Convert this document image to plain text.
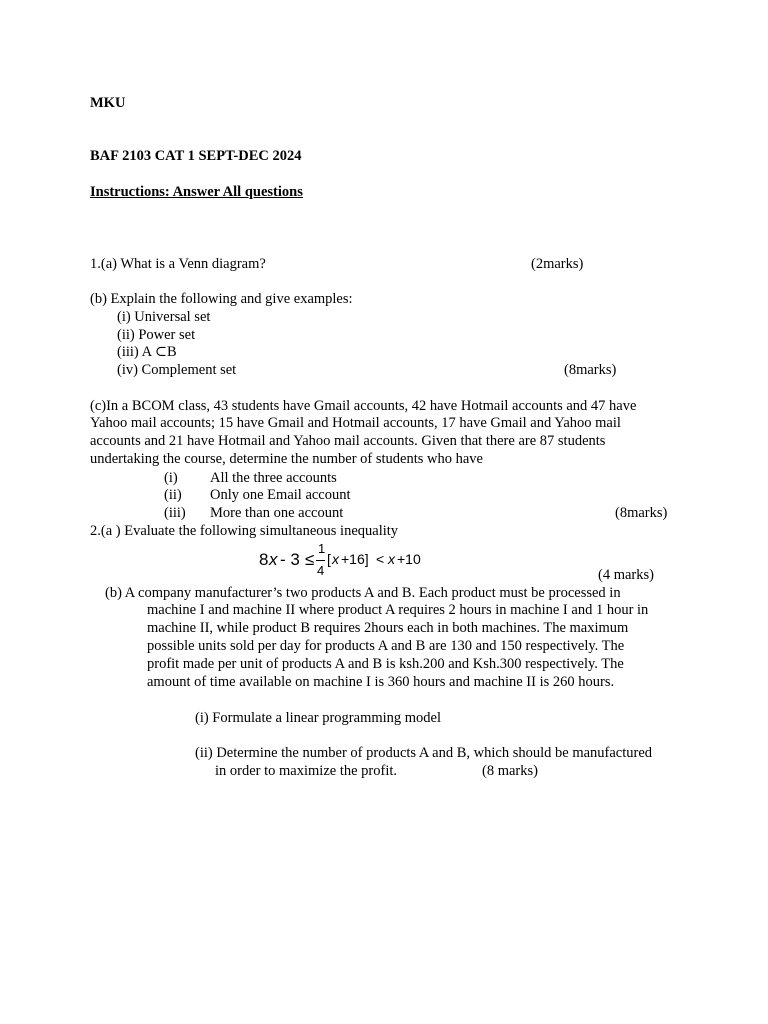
MKU
BAF 2103 CAT 1 SEPT-DEC 2024
Instructions: Answer All questions
1.(a) What is a Venn diagram?	(2marks)
(b) Explain the following and give examples:
(i) Universal set
(ii) Power set
(iii) A ⊂B
(iv) Complement set	(8marks)
(c)In a BCOM class, 43 students have Gmail accounts, 42 have Hotmail accounts and 47 have
Yahoo mail accounts; 15 have Gmail and Hotmail accounts, 17 have Gmail and Yahoo mail
accounts and 21 have Hotmail and Yahoo mail accounts. Given that there are 87 students
undertaking the course, determine the number of students who have
(i) All the three accounts
(ii) Only one Email account
(iii) More than one account	(8marks)
2.(a ) Evaluate the following simultaneous inequality
8 x - 3 ≤
1
4
[ x +16] < x +10
(4 marks)
(b) A company manufacturer’s two products A and B. Each product must be processed in
machine I and machine II where product A requires 2 hours in machine I and 1 hour in
machine II, while product B requires 2hours each in both machines. The maximum
possible units sold per day for products A and B are 130 and 150 respectively. The
profit made per unit of products A and B is ksh.200 and Ksh.300 respectively. The
amount of time available on machine I is 360 hours and machine II is 260 hours.
(i) Formulate a linear programming model
(ii) Determine the number of products A and B, which should be manufactured
in order to maximize the profit.	(8 marks)
